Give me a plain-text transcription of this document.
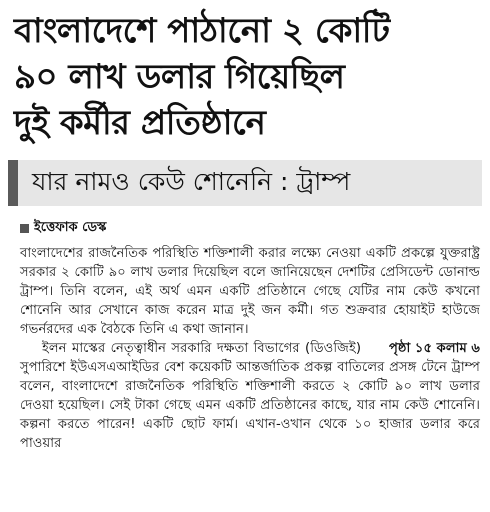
বাংলাদেশে পাঠানো ২ কোটি
৯০ লাখ ডলার গিয়েছিল
দুই কর্মীর প্রতিষ্ঠানে
যার নামও কেউ শোনেনি : ট্রাম্প
ইত্তেফাক ডেস্ক

বাংলাদেশের রাজনৈতিক পরিস্থিতি শক্তিশালী করার লক্ষ্যে নেওয়া একটি প্রকল্পে যুক্তরাষ্ট্র সরকার ২ কোটি ৯০ লাখ ডলার দিয়েছিল বলে জানিয়েছেন দেশটির প্রেসিডেন্ট ডোনাল্ড ট্রাম্প। তিনি বলেন, এই অর্থ এমন একটি প্রতিষ্ঠানে গেছে যেটির নাম কেউ কখনো শোনেনি আর সেখানে কাজ করেন মাত্র দুই জন কর্মী। গত শুক্রবার হোয়াইট হাউজে গভর্নরদের এক বৈঠকে তিনি এ কথা জানান।

পৃষ্ঠা ১৫ কলাম ৬
ইলন মাস্কের নেতৃত্বাধীন সরকারি দক্ষতা বিভাগের (ডিওজিই) সুপারিশে ইউএসএআইডির বেশ কয়েকটি আন্তর্জাতিক প্রকল্প বাতিলের প্রসঙ্গ টেনে ট্রাম্প বলেন, বাংলাদেশে রাজনৈতিক পরিস্থিতি শক্তিশালী করতে ২ কোটি ৯০ লাখ ডলার দেওয়া হয়েছিল। সেই টাকা গেছে এমন একটি প্রতিষ্ঠানের কাছে, যার নাম কেউ শোনেনি। কল্পনা করতে পারেন! একটি ছোট ফার্ম। এখান-ওখান থেকে ১০ হাজার ডলার করে পাওয়ার
